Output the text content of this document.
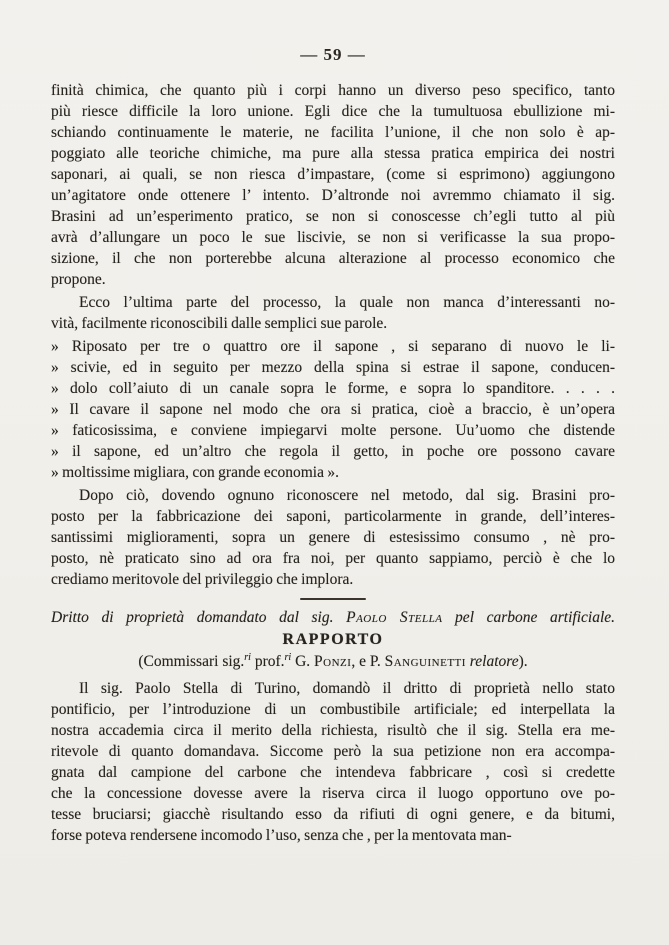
— 59 —
finità chimica, che quanto più i corpi hanno un diverso peso specifico, tanto
più riesce difficile la loro unione. Egli dice che la tumultuosa ebullizione mi-
schiando continuamente le materie, ne facilita l’unione, il che non solo è ap-
poggiato alle teoriche chimiche, ma pure alla stessa pratica empirica dei nostri
saponari, ai quali, se non riesca d’impastare, (come si esprimono) aggiungono
un’agitatore onde ottenere l’ intento. D’altronde noi avremmo chiamato il sig.
Brasini ad un’esperimento pratico, se non si conoscesse ch’egli tutto al più
avrà d’allungare un poco le sue liscivie, se non si verificasse la sua propo-
sizione, il che non porterebbe alcuna alterazione al processo economico che
propone.
Ecco l’ultima parte del processo, la quale non manca d’interessanti no-
vità, facilmente riconoscibili dalle semplici sue parole.
» Riposato per tre o quattro ore il sapone , si separano di nuovo le li-
» scivie, ed in seguito per mezzo della spina si estrae il sapone, conducen-
» dolo coll’aiuto di un canale sopra le forme, e sopra lo spanditore. . . . .
» Il cavare il sapone nel modo che ora si pratica, cioè a braccio, è un’opera
» faticosissima, e conviene impiegarvi molte persone. Uu’uomo che distende
» il sapone, ed un’altro che regola il getto, in poche ore possono cavare
» moltissime migliara, con grande economia ».
Dopo ciò, dovendo ognuno riconoscere nel metodo, dal sig. Brasini pro-
posto per la fabbricazione dei saponi, particolarmente in grande, dell’interes-
santissimi miglioramenti, sopra un genere di estesissimo consumo , nè pro-
posto, nè praticato sino ad ora fra noi, per quanto sappiamo, perciò è che lo
crediamo meritovole del privileggio che implora.
Dritto di proprietà domandato dal sig. Paolo Stella pel carbone artificiale.
RAPPORTO
(Commissari sig.$^{ri}$ prof.$^{ri}$ G. Ponzi, e P. Sanguinetti relatore).
Il sig. Paolo Stella di Turino, domandò il dritto di proprietà nello stato
pontificio, per l’introduzione di un combustibile artificiale; ed interpellata la
nostra accademia circa il merito della richiesta, risultò che il sig. Stella era me-
ritevole di quanto domandava. Siccome però la sua petizione non era accompa-
gnata dal campione del carbone che intendeva fabbricare , così si credette
che la concessione dovesse avere la riserva circa il luogo opportuno ove po-
tesse bruciarsi; giacchè risultando esso da rifiuti di ogni genere, e da bitumi,
forse poteva rendersene incomodo l’uso, senza che , per la mentovata man-
